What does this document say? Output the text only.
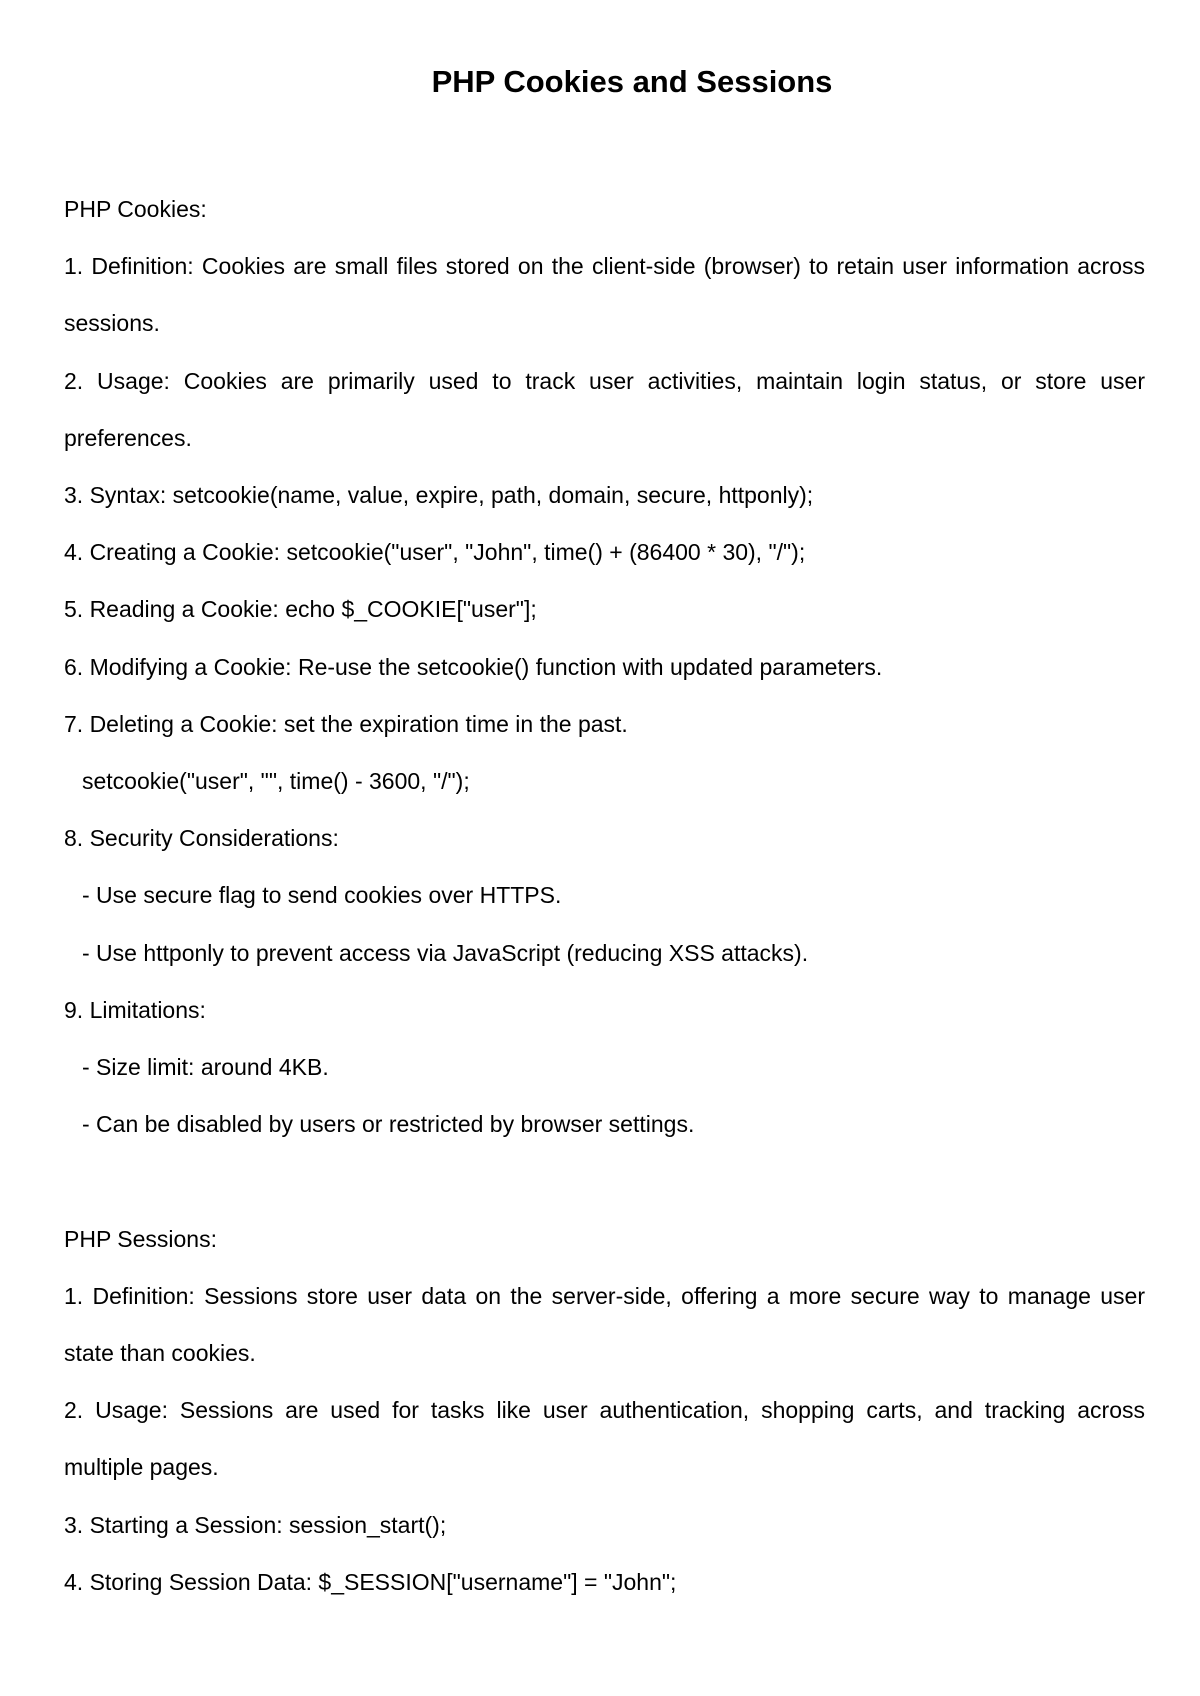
PHP Cookies and Sessions

PHP Cookies:

1. Definition: Cookies are small files stored on the client-side (browser) to retain user information across sessions.

2. Usage: Cookies are primarily used to track user activities, maintain login status, or store user preferences.

3. Syntax: setcookie(name, value, expire, path, domain, secure, httponly);

4. Creating a Cookie: setcookie("user", "John", time() + (86400 * 30), "/");

5. Reading a Cookie: echo $_COOKIE["user"];

6. Modifying a Cookie: Re-use the setcookie() function with updated parameters.

7. Deleting a Cookie: set the expiration time in the past.

setcookie("user", "", time() - 3600, "/");

8. Security Considerations:

- Use secure flag to send cookies over HTTPS.

- Use httponly to prevent access via JavaScript (reducing XSS attacks).

9. Limitations:

- Size limit: around 4KB.

- Can be disabled by users or restricted by browser settings.

PHP Sessions:

1. Definition: Sessions store user data on the server-side, offering a more secure way to manage user state than cookies.

2. Usage: Sessions are used for tasks like user authentication, shopping carts, and tracking across multiple pages.

3. Starting a Session: session_start();

4. Storing Session Data: $_SESSION["username"] = "John";
